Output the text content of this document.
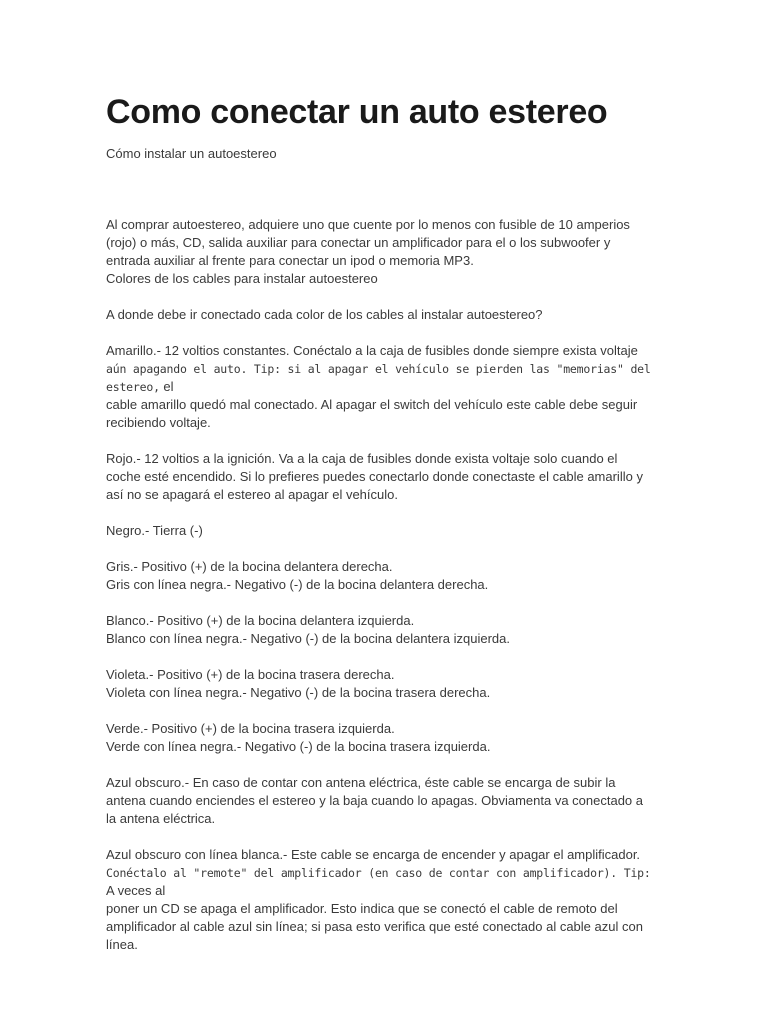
Como conectar un auto estereo

Cómo instalar un autoestereo

Al comprar autoestereo, adquiere uno que cuente por lo menos con fusible de 10 amperios
(rojo) o más, CD, salida auxiliar para conectar un amplificador para el o los subwoofer y
entrada auxiliar al frente para conectar un ipod o memoria MP3.
Colores de los cables para instalar autoestereo

A donde debe ir conectado cada color de los cables al instalar autoestereo?

Amarillo.- 12 voltios constantes. Conéctalo a la caja de fusibles donde siempre exista voltaje
aún apagando el auto. Tip: si al apagar el vehículo se pierden las "memorias" del estereo, el
cable amarillo quedó mal conectado. Al apagar el switch del vehículo este cable debe seguir
recibiendo voltaje.

Rojo.- 12 voltios a la ignición. Va a la caja de fusibles donde exista voltaje solo cuando el
coche esté encendido. Si lo prefieres puedes conectarlo donde conectaste el cable amarillo y
así no se apagará el estereo al apagar el vehículo.

Negro.- Tierra (-)

Gris.- Positivo (+) de la bocina delantera derecha.
Gris con línea negra.- Negativo (-) de la bocina delantera derecha.

Blanco.- Positivo (+) de la bocina delantera izquierda.
Blanco con línea negra.- Negativo (-) de la bocina delantera izquierda.

Violeta.- Positivo (+) de la bocina trasera derecha.
Violeta con línea negra.- Negativo (-) de la bocina trasera derecha.

Verde.- Positivo (+) de la bocina trasera izquierda.
Verde con línea negra.- Negativo (-) de la bocina trasera izquierda.

Azul obscuro.- En caso de contar con antena eléctrica, éste cable se encarga de subir la
antena cuando enciendes el estereo y la baja cuando lo apagas. Obviamenta va conectado a
la antena eléctrica.

Azul obscuro con línea blanca.- Este cable se encarga de encender y apagar el amplificador.
Conéctalo al "remote" del amplificador (en caso de contar con amplificador). Tip: A veces al
poner un CD se apaga el amplificador. Esto indica que se conectó el cable de remoto del
amplificador al cable azul sin línea; si pasa esto verifica que esté conectado al cable azul con
línea.
